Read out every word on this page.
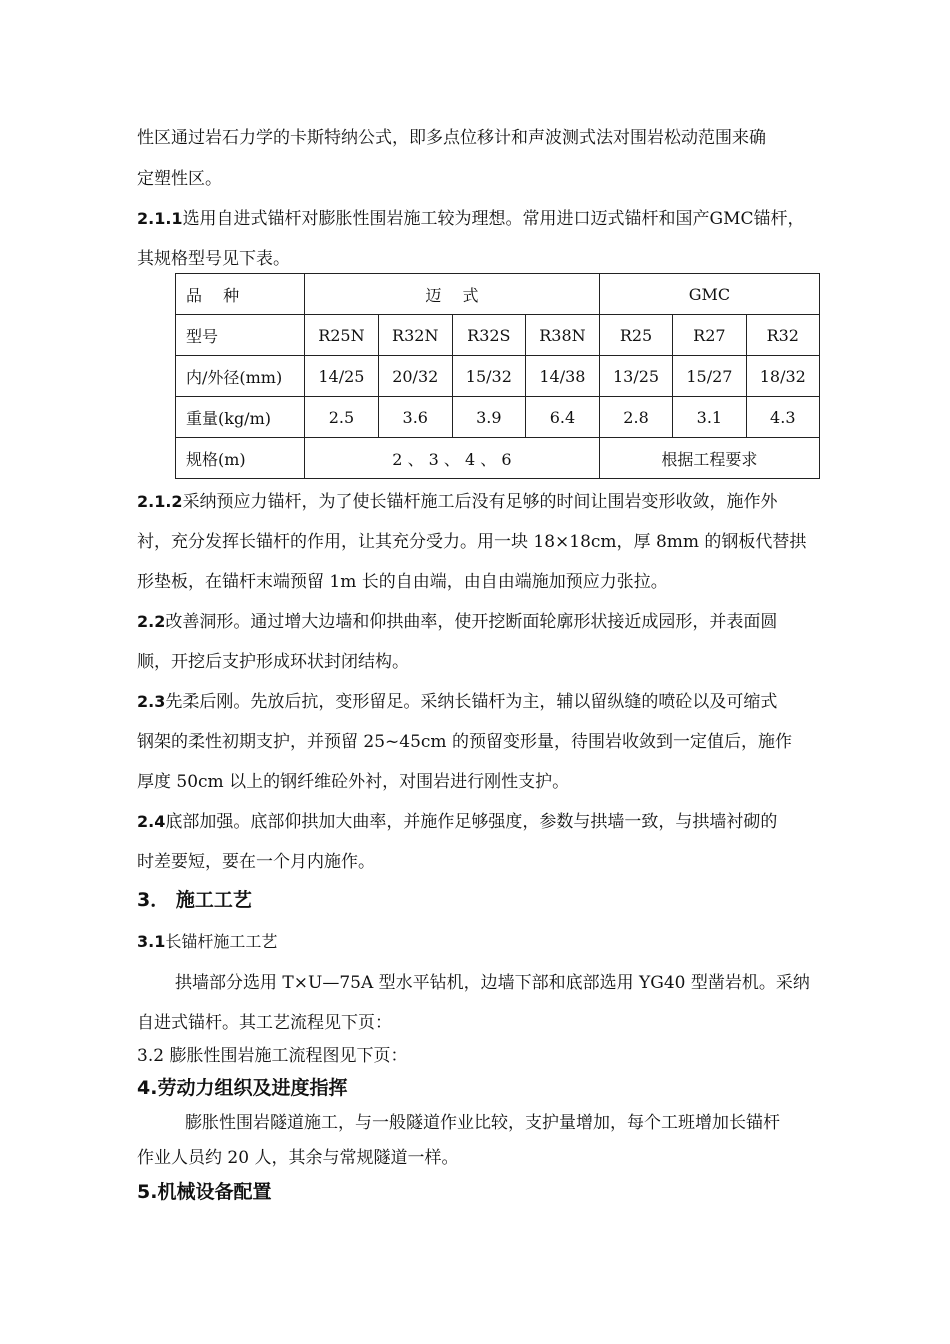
性区通过岩石力学的卡斯特纳公式，即多点位移计和声波测式法对围岩松动范围来确
定塑性区。
2.1.1选用自进式锚杆对膨胀性围岩施工较为理想。常用进口迈式锚杆和国产GMC锚杆，
其规格型号见下表。
品　 种	迈　 式				GMC		
型号	R25N	R32N	R32S	R38N	R25	R27	R32
内/外径(mm)	14/25	20/32	15/32	14/38	13/25	15/27	18/32
重量(kg/m)	2.5	3.6	3.9	6.4	2.8	3.1	4.3
规格(m)	2 、 3 、 4 、 6				根据工程要求		
2.1.2采纳预应力锚杆，为了使长锚杆施工后没有足够的时间让围岩变形收敛，施作外
衬，充分发挥长锚杆的作用，让其充分受力。用一块 18×18cm，厚 8mm 的钢板代替拱
形垫板，在锚杆末端预留 1m 长的自由端，由自由端施加预应力张拉。
2.2改善洞形。通过增大边墙和仰拱曲率，使开挖断面轮廓形状接近成园形，并表面圆
顺，开挖后支护形成环状封闭结构。
2.3先柔后刚。先放后抗，变形留足。采纳长锚杆为主，辅以留纵缝的喷砼以及可缩式
钢架的柔性初期支护，并预留 25~45cm 的预留变形量，待围岩收敛到一定值后，施作
厚度 50cm 以上的钢纤维砼外衬，对围岩进行刚性支护。
2.4底部加强。底部仰拱加大曲率，并施作足够强度，参数与拱墙一致，与拱墙衬砌的
时差要短，要在一个月内施作。
3． 施工工艺
3.1长锚杆施工工艺
拱墙部分选用 T×U—75A 型水平钻机，边墙下部和底部选用 YG40 型凿岩机。采纳
自进式锚杆。其工艺流程见下页：
3.2 膨胀性围岩施工流程图见下页：
4.劳动力组织及进度指挥
膨胀性围岩隧道施工，与一般隧道作业比较，支护量增加，每个工班增加长锚杆
作业人员约 20 人，其余与常规隧道一样。
5.机械设备配置
